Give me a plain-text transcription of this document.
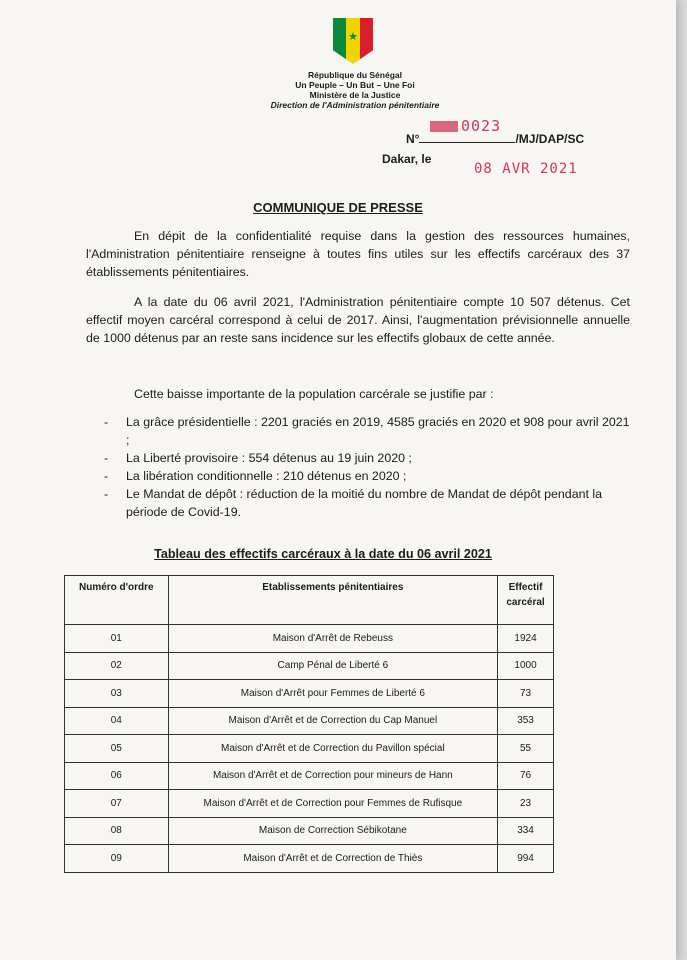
République du Sénégal
Un Peuple – Un But – Une Foi
Ministère de la Justice
Direction de l'Administration pénitentiaire
0023
N°	/MJ/DAP/SC
Dakar, le
08 AVR 2021
COMMUNIQUE DE PRESSE

En dépit de la confidentialité requise dans la gestion des ressources humaines, l'Administration pénitentiaire renseigne à toutes fins utiles sur les effectifs carcéraux des 37 établissements pénitentiaires.

A la date du 06 avril 2021, l'Administration pénitentiaire compte 10 507 détenus. Cet effectif moyen carcéral correspond à celui de 2017. Ainsi, l'augmentation prévisionnelle annuelle de 1000 détenus par an reste sans incidence sur les effectifs globaux de cette année.

Cette baisse importante de la population carcérale se justifie par :

- La grâce présidentielle : 2201 graciés en 2019, 4585 graciés en 2020 et 908 pour avril 2021 ;
- La Liberté provisoire : 554 détenus au 19 juin 2020 ;
- La libération conditionnelle : 210 détenus en 2020 ;
- Le Mandat de dépôt : réduction de la moitié du nombre de Mandat de dépôt pendant la période de Covid-19.
Tableau des effectifs carcéraux à la date du 06 avril 2021
Numéro d'ordre	Etablissements pénitentiaires	Effectif carcéral
01	Maison d'Arrêt de Rebeuss	1924
02	Camp Pénal de Liberté 6	1000
03	Maison d'Arrêt pour Femmes de Liberté 6	73
04	Maison d'Arrêt et de Correction du Cap Manuel	353
05	Maison d'Arrêt et de Correction du Pavillon spécial	55
06	Maison d'Arrêt et de Correction pour mineurs de Hann	76
07	Maison d'Arrêt et de Correction pour Femmes de Rufisque	23
08	Maison de Correction Sébikotane	334
09	Maison d'Arrêt et de Correction de Thiès	994
